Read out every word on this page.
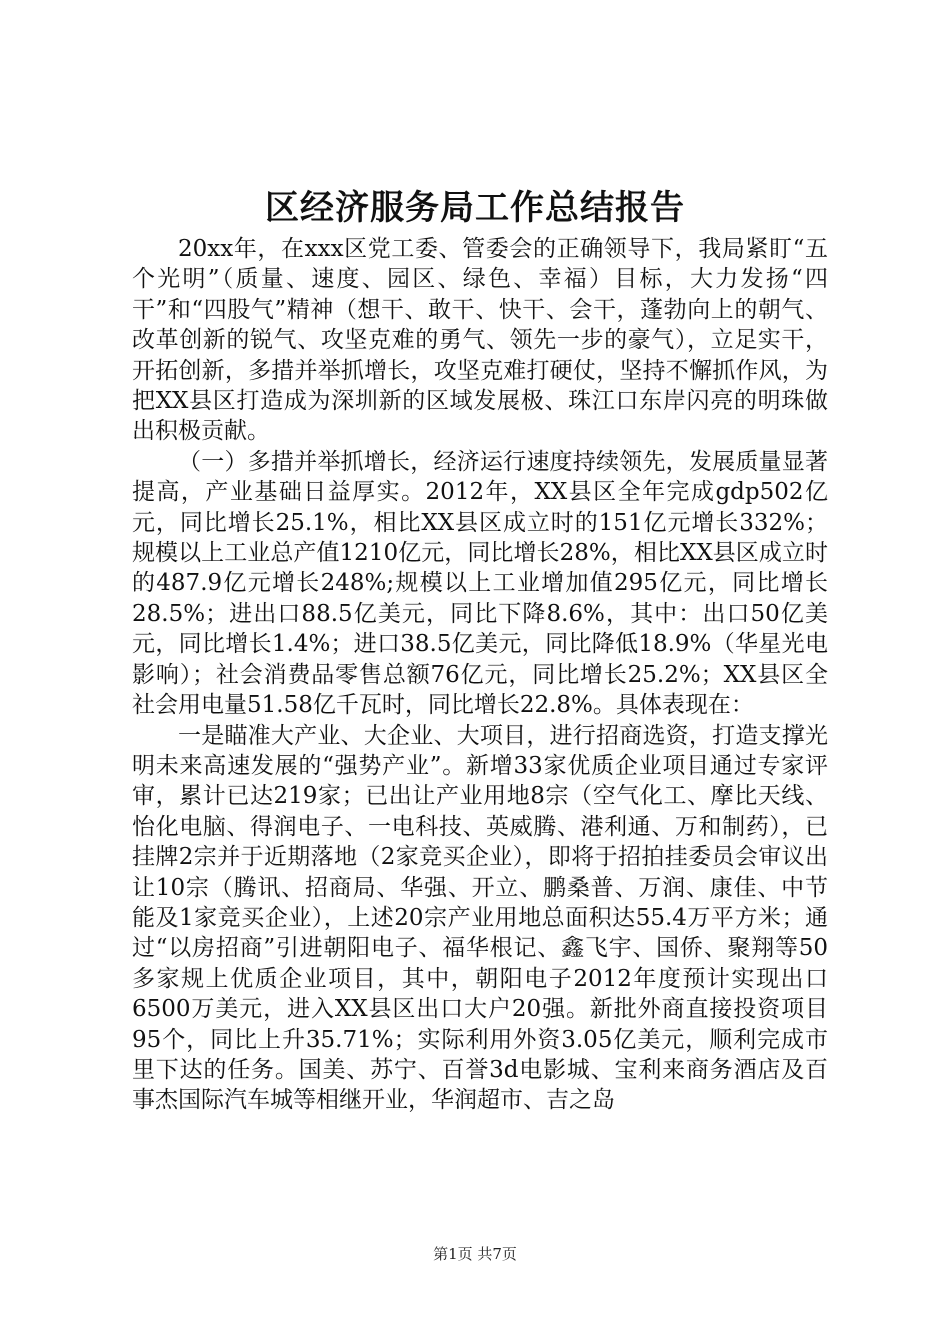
区经济服务局工作总结报告

20xx年，在xxx区党工委、管委会的正确领导下，我局紧盯“五个光明”（质量、速度、园区、绿色、幸福）目标，大力发扬“四干”和“四股气”精神（想干、敢干、快干、会干，蓬勃向上的朝气、改革创新的锐气、攻坚克难的勇气、领先一步的豪气），立足实干，开拓创新，多措并举抓增长，攻坚克难打硬仗，坚持不懈抓作风，为把XX县区打造成为深圳新的区域发展极、珠江口东岸闪亮的明珠做出积极贡献。

（一）多措并举抓增长，经济运行速度持续领先，发展质量显著提高，产业基础日益厚实。2012年，XX县区全年完成gdp502亿元，同比增长25.1%，相比XX县区成立时的151亿元增长332%；规模以上工业总产值1210亿元，同比增长28%，相比XX县区成立时的487.9亿元增长248%;规模以上工业增加值295亿元，同比增长28.5%；进出口88.5亿美元，同比下降8.6%，其中：出口50亿美元，同比增长1.4%；进口38.5亿美元，同比降低18.9%（华星光电影响）；社会消费品零售总额76亿元，同比增长25.2%；XX县区全社会用电量51.58亿千瓦时，同比增长22.8%。具体表现在：

一是瞄准大产业、大企业、大项目，进行招商选资，打造支撑光明未来高速发展的“强势产业”。新增33家优质企业项目通过专家评审，累计已达219家；已出让产业用地8宗（空气化工、摩比天线、怡化电脑、得润电子、一电科技、英威腾、港利通、万和制药），已挂牌2宗并于近期落地（2家竞买企业），即将于招拍挂委员会审议出让10宗（腾讯、招商局、华强、开立、鹏桑普、万润、康佳、中节能及1家竞买企业），上述20宗产业用地总面积达55.4万平方米；通过“以房招商”引进朝阳电子、福华根记、鑫飞宇、国侨、聚翔等50多家规上优质企业项目，其中，朝阳电子2012年度预计实现出口6500万美元，进入XX县区出口大户20强。新批外商直接投资项目95个，同比上升35.71%；实际利用外资3.05亿美元，顺利完成市里下达的任务。国美、苏宁、百誉3d电影城、宝利来商务酒店及百事杰国际汽车城等相继开业，华润超市、吉之岛

第1页 共7页
